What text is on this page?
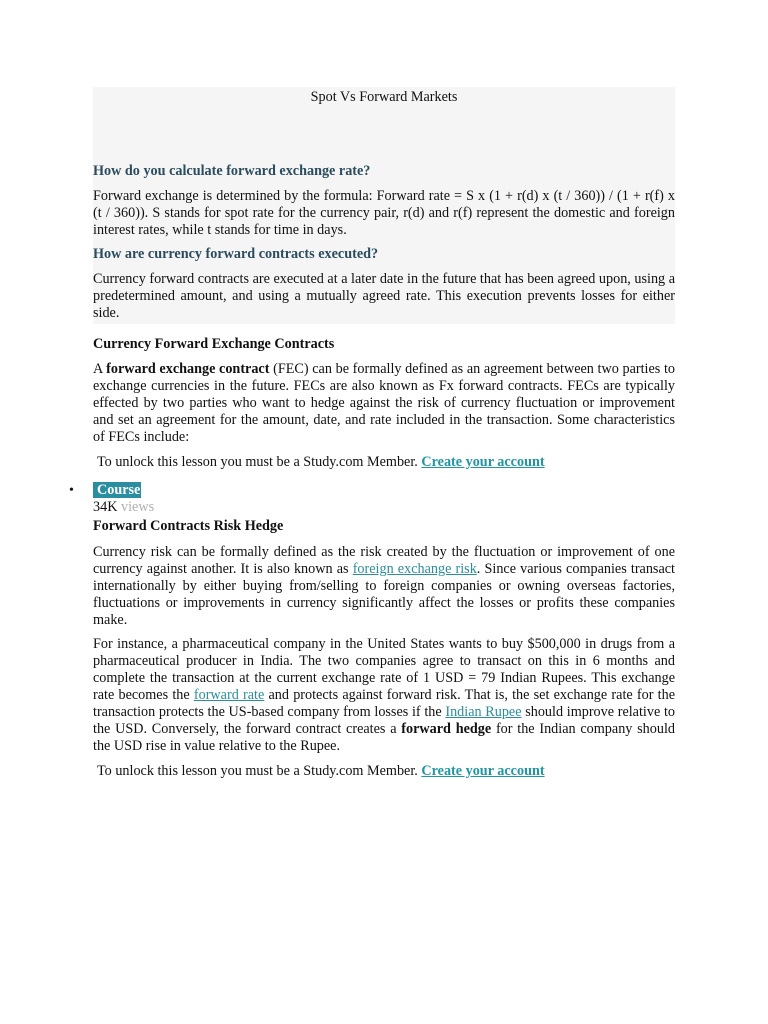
Spot Vs Forward Markets
How do you calculate forward exchange rate?

Forward exchange is determined by the formula: Forward rate = S x (1 + r(d) x (t / 360)) / (1 + r(f) x (t / 360)). S stands for spot rate for the currency pair, r(d) and r(f) represent the domestic and foreign interest rates, while t stands for time in days.

How are currency forward contracts executed?

Currency forward contracts are executed at a later date in the future that has been agreed upon, using a predetermined amount, and using a mutually agreed rate. This execution prevents losses for either side.

Currency Forward Exchange Contracts

A forward exchange contract (FEC) can be formally defined as an agreement between two parties to exchange currencies in the future. FECs are also known as Fx forward contracts. FECs are typically effected by two parties who want to hedge against the risk of currency fluctuation or improvement and set an agreement for the amount, date, and rate included in the transaction. Some characteristics of FECs include:

To unlock this lesson you must be a Study.com Member. Create your account
• Course
34K views
Forward Contracts Risk Hedge

Currency risk can be formally defined as the risk created by the fluctuation or improvement of one currency against another. It is also known as foreign exchange risk. Since various companies transact internationally by either buying from/selling to foreign companies or owning overseas factories, fluctuations or improvements in currency significantly affect the losses or profits these companies make.

For instance, a pharmaceutical company in the United States wants to buy $500,000 in drugs from a pharmaceutical producer in India. The two companies agree to transact on this in 6 months and complete the transaction at the current exchange rate of 1 USD = 79 Indian Rupees. This exchange rate becomes the forward rate and protects against forward risk. That is, the set exchange rate for the transaction protects the US-based company from losses if the Indian Rupee should improve relative to the USD. Conversely, the forward contract creates a forward hedge for the Indian company should the USD rise in value relative to the Rupee.

To unlock this lesson you must be a Study.com Member. Create your account
